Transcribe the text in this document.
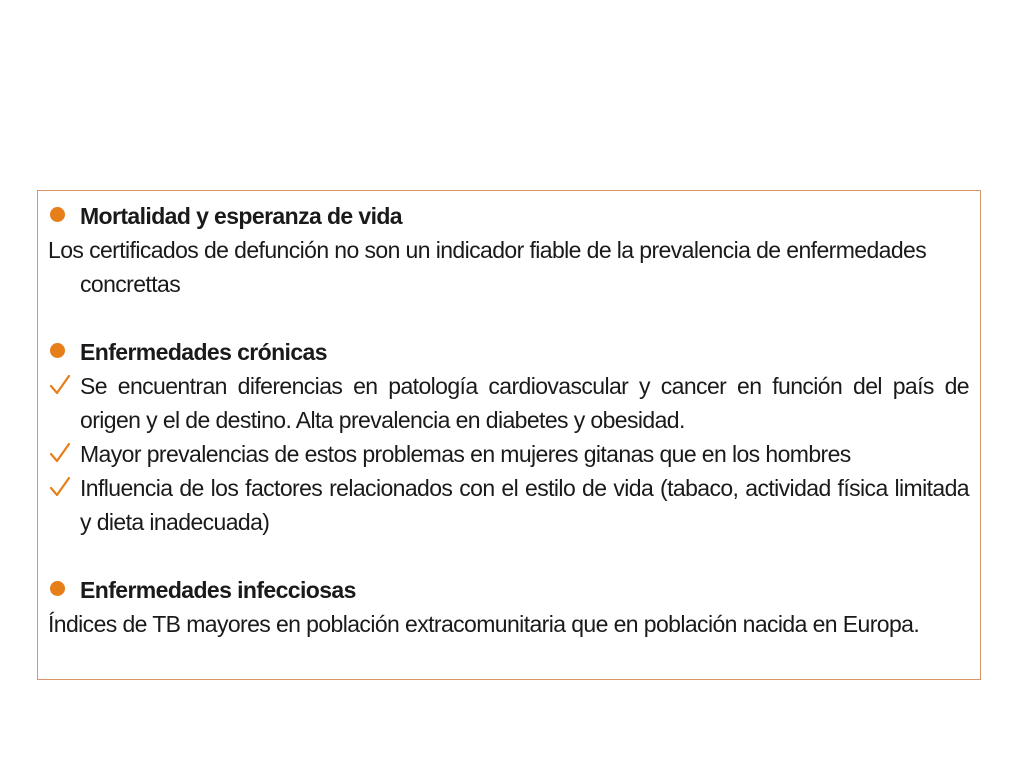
Mortalidad y esperanza de vida
Los certificados de defunción no son un indicador fiable de la prevalencia de enfermedades concrettas
Enfermedades crónicas
Se encuentran diferencias en patología cardiovascular y cancer en función del país de origen y el de destino. Alta prevalencia en diabetes y obesidad.
Mayor prevalencias de estos problemas en mujeres gitanas que en los hombres
Influencia de los factores relacionados con el estilo de vida (tabaco, actividad física limitada y dieta inadecuada)
Enfermedades infecciosas
Índices de TB mayores en población extracomunitaria que en población nacida en Europa.
